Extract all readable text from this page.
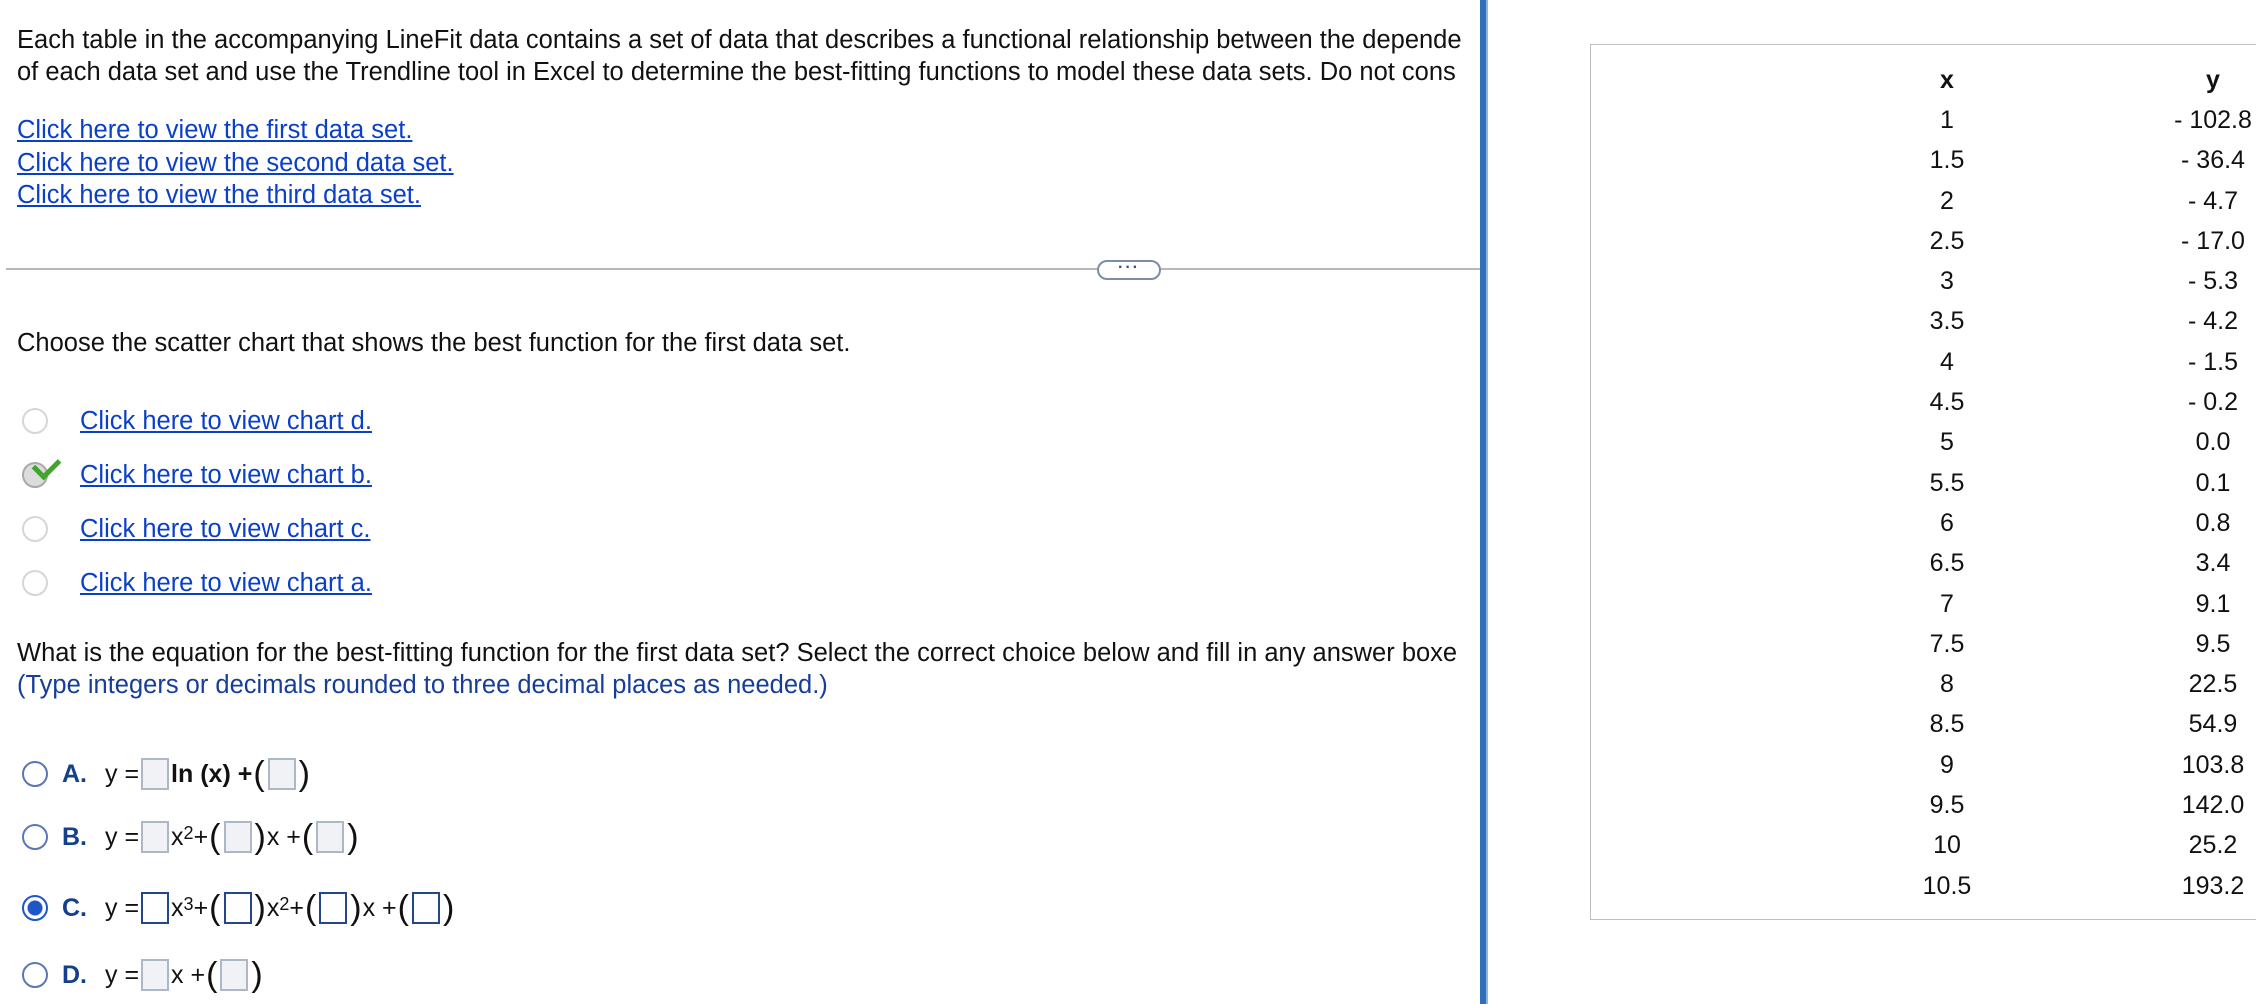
Each table in the accompanying LineFit data contains a set of data that describes a functional relationship between the depende
of each data set and use the Trendline tool in Excel to determine the best-fitting functions to model these data sets. Do not cons
Click here to view the first data set.
Click here to view the second data set.
Click here to view the third data set.
···
Choose the scatter chart that shows the best function for the first data set.
Click here to view chart d.
Click here to view chart b.
Click here to view chart c.
Click here to view chart a.
What is the equation for the best-fitting function for the first data set? Select the correct choice below and fill in any answer boxe
(Type integers or decimals rounded to three decimal places as needed.)
A. y = ln (x) + ( )
B. $y = x^2$ + ( ) x + ( )
C. $y = x^3$ + ( ) $x^2$ + ( ) x + ( )
D. y = x + ( )
x	y
1	- 102.8
1.5	- 36.4
2	- 4.7
2.5	- 17.0
3	- 5.3
3.5	- 4.2
4	- 1.5
4.5	- 0.2
5	0.0
5.5	0.1
6	0.8
6.5	3.4
7	9.1
7.5	9.5
8	22.5
8.5	54.9
9	103.8
9.5	142.0
10	25.2
10.5	193.2
